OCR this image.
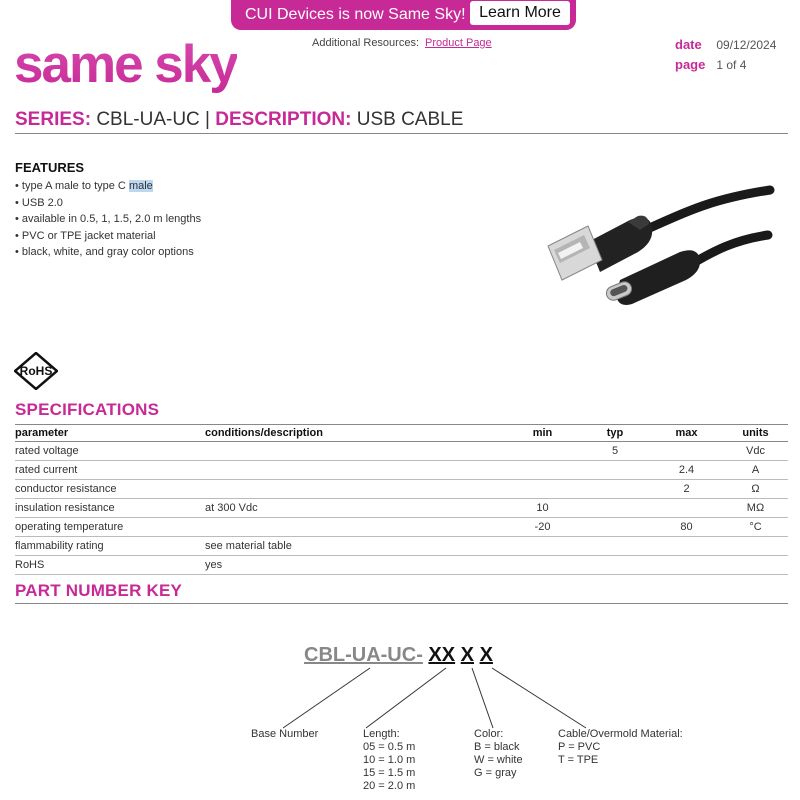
CUI Devices is now Same Sky! Learn More
same sky	Additional Resources: Product Page	date 09/12/2024
page 1 of 4
SERIES: CBL-UA-UC | DESCRIPTION: USB CABLE
FEATURES
• type A male to type C male
• USB 2.0
• available in 0.5, 1, 1.5, 2.0 m lengths
• PVC or TPE jacket material
• black, white, and gray color options
RoHS
SPECIFICATIONS
parameter	conditions/description	min	typ	max	units
rated voltage			5		Vdc
rated current				2.4	A
conductor resistance				2	Ω
insulation resistance	at 300 Vdc	10			MΩ
operating temperature		-20		80	°C
flammability rating	see material table				
RoHS	yes				
PART NUMBER KEY
CBL-UA-UC- XX X X
Base Number	Length:
05 = 0.5 m
10 = 1.0 m
15 = 1.5 m
20 = 2.0 m
Color:
B = black
W = white
G = gray
Cable/Overmold Material:
P = PVC
T = TPE
